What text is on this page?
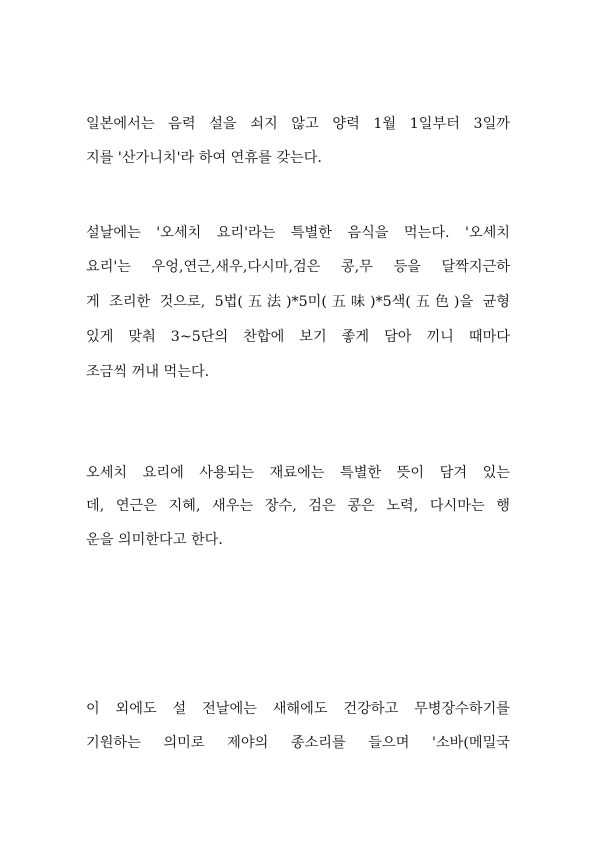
일본에서는 음력 설을 쇠지 않고 양력 1월 1일부터 3일까
지를 '산가니치'라 하여 연휴를 갖는다.
설날에는 '오세치 요리'라는 특별한 음식을 먹는다. '오세치
요리'는 우엉,연근,새우,다시마,검은 콩,무 등을 달짝지근하
게 조리한 것으로, 5법(五法)*5미(五味)*5색(五色)을 균형
있게 맞춰 3~5단의 찬합에 보기 좋게 담아 끼니 때마다
조금씩 꺼내 먹는다.
오세치 요리에 사용되는 재료에는 특별한 뜻이 담겨 있는
데, 연근은 지혜, 새우는 장수, 검은 콩은 노력, 다시마는 행
운을 의미한다고 한다.
이 외에도 설 전날에는 새해에도 건강하고 무병장수하기를
기원하는 의미로 제야의 종소리를 들으며 '소바(메밀국
